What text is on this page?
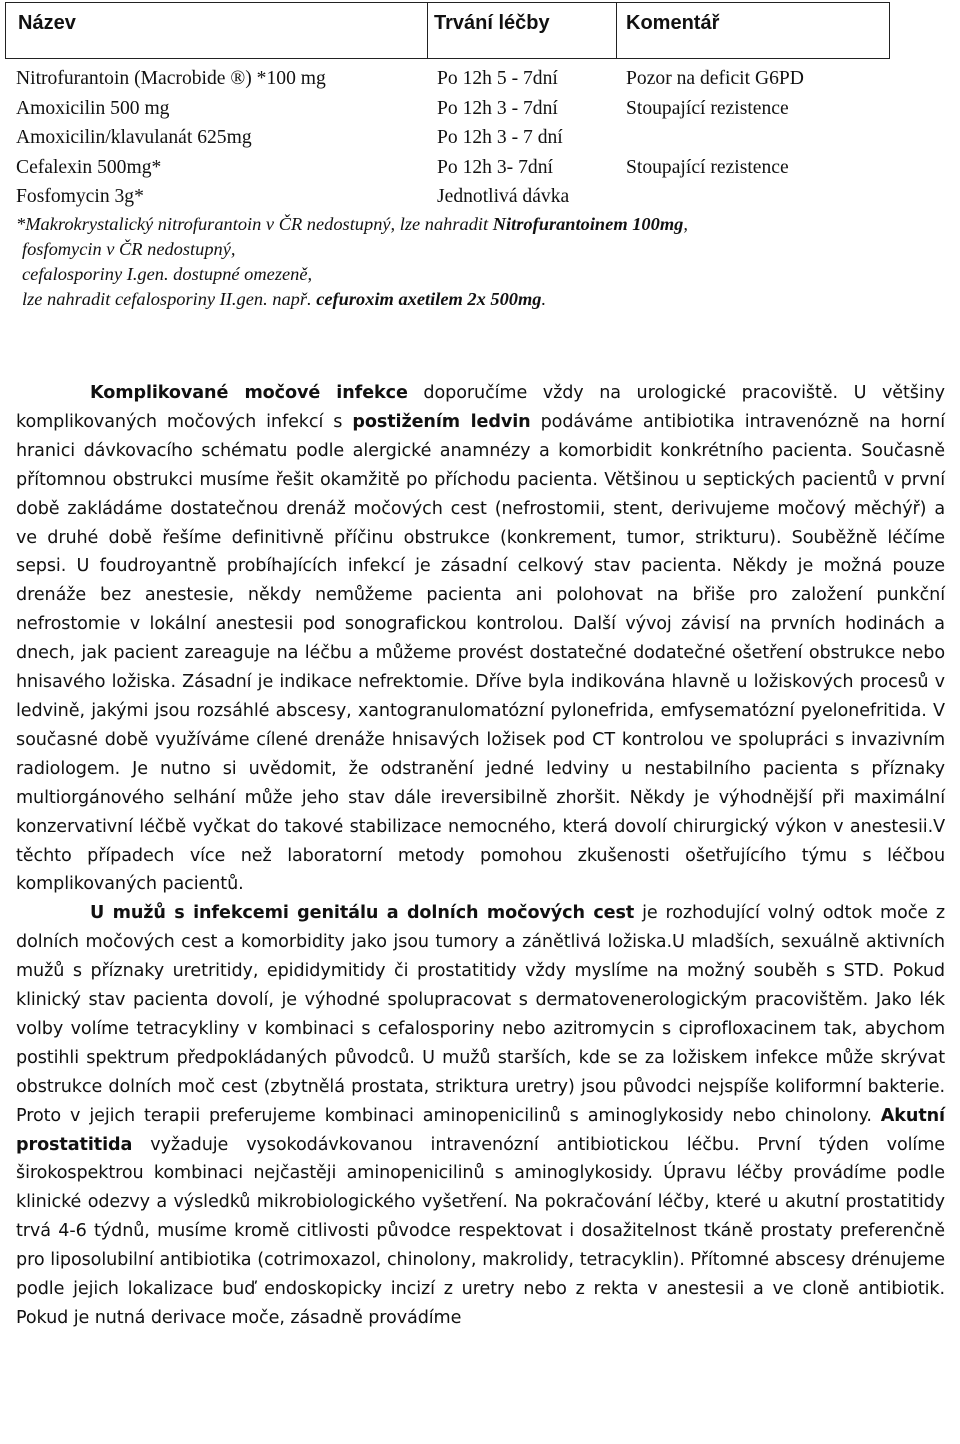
Název	Trvání léčby	Komentář
Nitrofurantoin (Macrobide ®) *100 mg	Po 12h 5 - 7dní	Pozor na deficit G6PD
Amoxicilin 500 mg	Po 12h 3 - 7dní	Stoupající rezistence
Amoxicilin/klavulanát 625mg	Po 12h 3 - 7 dní
Cefalexin 500mg*	Po 12h 3- 7dní	Stoupající rezistence
Fosfomycin 3g*	Jednotlivá dávka
*Makrokrystalický nitrofurantoin v ČR nedostupný, lze nahradit Nitrofurantoinem 100mg,
fosfomycin v ČR nedostupný,
cefalosporiny I.gen. dostupné omezeně,
lze nahradit cefalosporiny II.gen. např. cefuroxim axetilem 2x 500mg.

Komplikované močové infekce doporučíme vždy na urologické pracoviště. U většiny komplikovaných močových infekcí s postižením ledvin podáváme antibiotika intravenózně na horní hranici dávkovacího schématu podle alergické anamnézy a komorbidit konkrétního pacienta. Současně přítomnou obstrukci musíme řešit okamžitě po příchodu pacienta. Většinou u septických pacientů v první době zakládáme dostatečnou drenáž močových cest (nefrostomii, stent, derivujeme močový měchýř) a ve druhé době řešíme definitivně příčinu obstrukce (konkrement, tumor, strikturu). Souběžně léčíme sepsi. U foudroyantně probíhajících infekcí je zásadní celkový stav pacienta. Někdy je možná pouze drenáže bez anestesie, někdy nemůžeme pacienta ani polohovat na břiše pro založení punkční nefrostomie v lokální anestesii pod sonografickou kontrolou. Další vývoj závisí na prvních hodinách a dnech, jak pacient zareaguje na léčbu a můžeme provést dostatečné dodatečné ošetření obstrukce nebo hnisavého ložiska. Zásadní je indikace nefrektomie. Dříve byla indikována hlavně u ložiskových procesů v ledvině, jakými jsou rozsáhlé abscesy, xantogranulomatózní pylonefrida, emfysematózní pyelonefritida. V současné době využíváme cílené drenáže hnisavých ložisek pod CT kontrolou ve spolupráci s invazivním radiologem. Je nutno si uvědomit, že odstranění jedné ledviny u nestabilního pacienta s příznaky multiorgánového selhání může jeho stav dále ireversibilně zhoršit. Někdy je výhodnější při maximální konzervativní léčbě vyčkat do takové stabilizace nemocného, která dovolí chirurgický výkon v anestesii.V těchto případech více než laboratorní metody pomohou zkušenosti ošetřujícího týmu s léčbou komplikovaných pacientů.

U mužů s infekcemi genitálu a dolních močových cest je rozhodující volný odtok moče z dolních močových cest a komorbidity jako jsou tumory a zánětlivá ložiska.U mladších, sexuálně aktivních mužů s příznaky uretritidy, epididymitidy či prostatitidy vždy myslíme na možný souběh s STD. Pokud klinický stav pacienta dovolí, je výhodné spolupracovat s dermatovenerologickým pracovištěm. Jako lék volby volíme tetracykliny v kombinaci s cefalosporiny nebo azitromycin s ciprofloxacinem tak, abychom postihli spektrum předpokládaných původců. U mužů starších, kde se za ložiskem infekce může skrývat obstrukce dolních moč cest (zbytnělá prostata, striktura uretry) jsou původci nejspíše koliformní bakterie. Proto v jejich terapii preferujeme kombinaci aminopenicilinů s aminoglykosidy nebo chinolony. Akutní prostatitida vyžaduje vysokodávkovanou intravenózní antibiotickou léčbu. První týden volíme širokospektrou kombinaci nejčastěji aminopenicilinů s aminoglykosidy. Úpravu léčby provádíme podle klinické odezvy a výsledků mikrobiologického vyšetření. Na pokračování léčby, které u akutní prostatitidy trvá 4-6 týdnů, musíme kromě citlivosti původce respektovat i dosažitelnost tkáně prostaty preferenčně pro liposolubilní antibiotika (cotrimoxazol, chinolony, makrolidy, tetracyklin). Přítomné abscesy drénujeme podle jejich lokalizace buď endoskopicky incizí z uretry nebo z rekta v anestesii a ve cloně antibiotik. Pokud je nutná derivace moče, zásadně provádíme
